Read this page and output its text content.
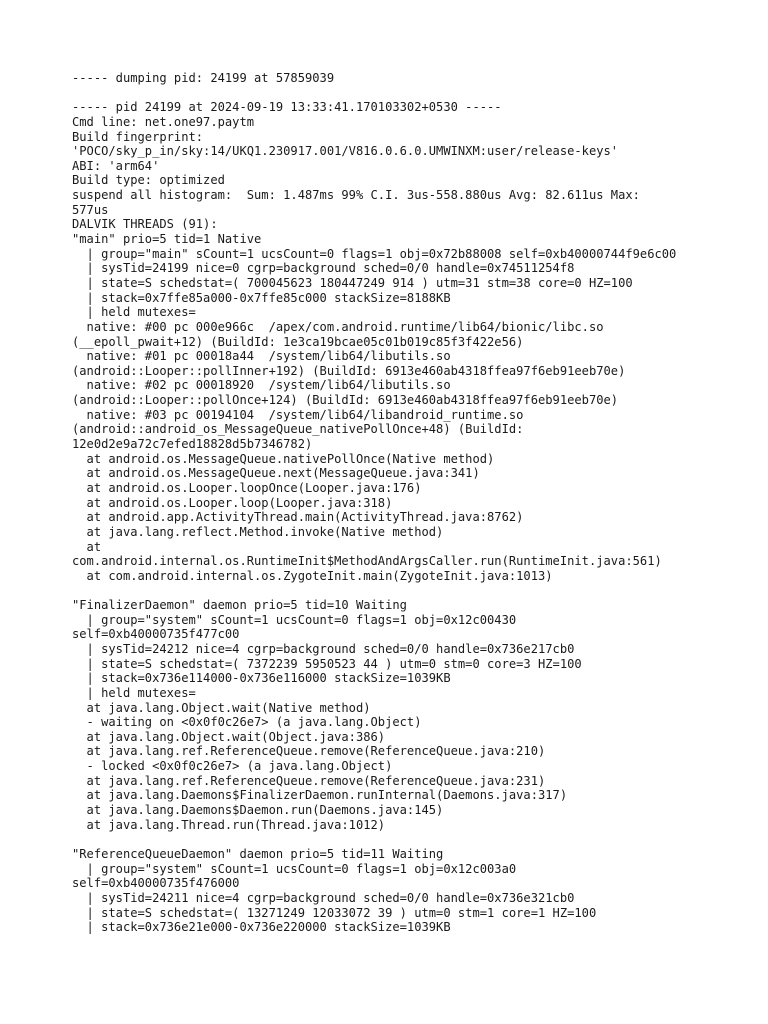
----- dumping pid: 24199 at 57859039
----- pid 24199 at 2024-09-19 13:33:41.170103302+0530 -----
Cmd line: net.one97.paytm
Build fingerprint:
'POCO/sky_p_in/sky:14/UKQ1.230917.001/V816.0.6.0.UMWINXM:user/release-keys'
ABI: 'arm64'
Build type: optimized
suspend all histogram:  Sum: 1.487ms 99% C.I. 3us-558.880us Avg: 82.611us Max:
577us
DALVIK THREADS (91):
"main" prio=5 tid=1 Native
| group="main" sCount=1 ucsCount=0 flags=1 obj=0x72b88008 self=0xb40000744f9e6c00
| sysTid=24199 nice=0 cgrp=background sched=0/0 handle=0x74511254f8
| state=S schedstat=( 700045623 180447249 914 ) utm=31 stm=38 core=0 HZ=100
| stack=0x7ffe85a000-0x7ffe85c000 stackSize=8188KB
| held mutexes=
native: #00 pc 000e966c  /apex/com.android.runtime/lib64/bionic/libc.so
(__epoll_pwait+12) (BuildId: 1e3ca19bcae05c01b019c85f3f422e56)
native: #01 pc 00018a44  /system/lib64/libutils.so
(android::Looper::pollInner+192) (BuildId: 6913e460ab4318ffea97f6eb91eeb70e)
native: #02 pc 00018920  /system/lib64/libutils.so
(android::Looper::pollOnce+124) (BuildId: 6913e460ab4318ffea97f6eb91eeb70e)
native: #03 pc 00194104  /system/lib64/libandroid_runtime.so
(android::android_os_MessageQueue_nativePollOnce+48) (BuildId:
12e0d2e9a72c7efed18828d5b7346782)
at android.os.MessageQueue.nativePollOnce(Native method)
at android.os.MessageQueue.next(MessageQueue.java:341)
at android.os.Looper.loopOnce(Looper.java:176)
at android.os.Looper.loop(Looper.java:318)
at android.app.ActivityThread.main(ActivityThread.java:8762)
at java.lang.reflect.Method.invoke(Native method)
at
com.android.internal.os.RuntimeInit$MethodAndArgsCaller.run(RuntimeInit.java:561)
at com.android.internal.os.ZygoteInit.main(ZygoteInit.java:1013)
"FinalizerDaemon" daemon prio=5 tid=10 Waiting
| group="system" sCount=1 ucsCount=0 flags=1 obj=0x12c00430
self=0xb40000735f477c00
| sysTid=24212 nice=4 cgrp=background sched=0/0 handle=0x736e217cb0
| state=S schedstat=( 7372239 5950523 44 ) utm=0 stm=0 core=3 HZ=100
| stack=0x736e114000-0x736e116000 stackSize=1039KB
| held mutexes=
at java.lang.Object.wait(Native method)
- waiting on <0x0f0c26e7> (a java.lang.Object)
at java.lang.Object.wait(Object.java:386)
at java.lang.ref.ReferenceQueue.remove(ReferenceQueue.java:210)
- locked <0x0f0c26e7> (a java.lang.Object)
at java.lang.ref.ReferenceQueue.remove(ReferenceQueue.java:231)
at java.lang.Daemons$FinalizerDaemon.runInternal(Daemons.java:317)
at java.lang.Daemons$Daemon.run(Daemons.java:145)
at java.lang.Thread.run(Thread.java:1012)
"ReferenceQueueDaemon" daemon prio=5 tid=11 Waiting
| group="system" sCount=1 ucsCount=0 flags=1 obj=0x12c003a0
self=0xb40000735f476000
| sysTid=24211 nice=4 cgrp=background sched=0/0 handle=0x736e321cb0
| state=S schedstat=( 13271249 12033072 39 ) utm=0 stm=1 core=1 HZ=100
| stack=0x736e21e000-0x736e220000 stackSize=1039KB
